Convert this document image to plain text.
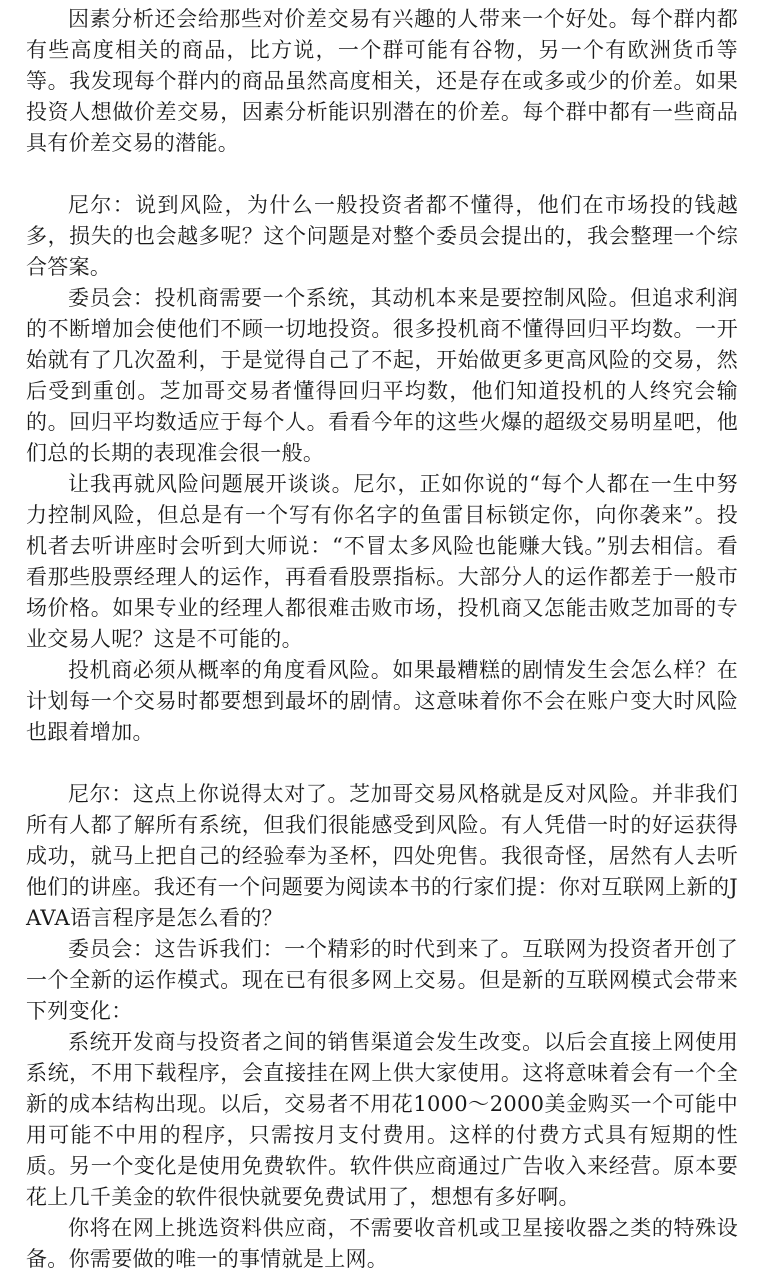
因素分析还会给那些对价差交易有兴趣的人带来一个好处。每个群内都有些高度相关的商品，比方说，一个群可能有谷物，另一个有欧洲货币等等。我发现每个群内的商品虽然高度相关，还是存在或多或少的价差。如果投资人想做价差交易，因素分析能识别潜在的价差。每个群中都有一些商品具有价差交易的潜能。

尼尔：说到风险，为什么一般投资者都不懂得，他们在市场投的钱越多，损失的也会越多呢？这个问题是对整个委员会提出的，我会整理一个综合答案。

委员会：投机商需要一个系统，其动机本来是要控制风险。但追求利润的不断增加会使他们不顾一切地投资。很多投机商不懂得回归平均数。一开始就有了几次盈利，于是觉得自己了不起，开始做更多更高风险的交易，然后受到重创。芝加哥交易者懂得回归平均数，他们知道投机的人终究会输的。回归平均数适应于每个人。看看今年的这些火爆的超级交易明星吧，他们总的长期的表现准会很一般。

让我再就风险问题展开谈谈。尼尔，正如你说的“每个人都在一生中努力控制风险，但总是有一个写有你名字的鱼雷目标锁定你，向你袭来”。投机者去听讲座时会听到大师说：“不冒太多风险也能赚大钱。”别去相信。看看那些股票经理人的运作，再看看股票指标。大部分人的运作都差于一般市场价格。如果专业的经理人都很难击败市场，投机商又怎能击败芝加哥的专业交易人呢？这是不可能的。

投机商必须从概率的角度看风险。如果最糟糕的剧情发生会怎么样？在计划每一个交易时都要想到最坏的剧情。这意味着你不会在账户变大时风险也跟着增加。

尼尔：这点上你说得太对了。芝加哥交易风格就是反对风险。并非我们所有人都了解所有系统，但我们很能感受到风险。有人凭借一时的好运获得成功，就马上把自己的经验奉为圣杯，四处兜售。我很奇怪，居然有人去听他们的讲座。我还有一个问题要为阅读本书的行家们提：你对互联网上新的JAVA语言程序是怎么看的？

委员会：这告诉我们：一个精彩的时代到来了。互联网为投资者开创了一个全新的运作模式。现在已有很多网上交易。但是新的互联网模式会带来下列变化：

系统开发商与投资者之间的销售渠道会发生改变。以后会直接上网使用系统，不用下载程序，会直接挂在网上供大家使用。这将意味着会有一个全新的成本结构出现。以后，交易者不用花1000～2000美金购买一个可能中用可能不中用的程序，只需按月支付费用。这样的付费方式具有短期的性质。另一个变化是使用免费软件。软件供应商通过广告收入来经营。原本要花上几千美金的软件很快就要免费试用了，想想有多好啊。

你将在网上挑选资料供应商，不需要收音机或卫星接收器之类的特殊设备。你需要做的唯一的事情就是上网。
